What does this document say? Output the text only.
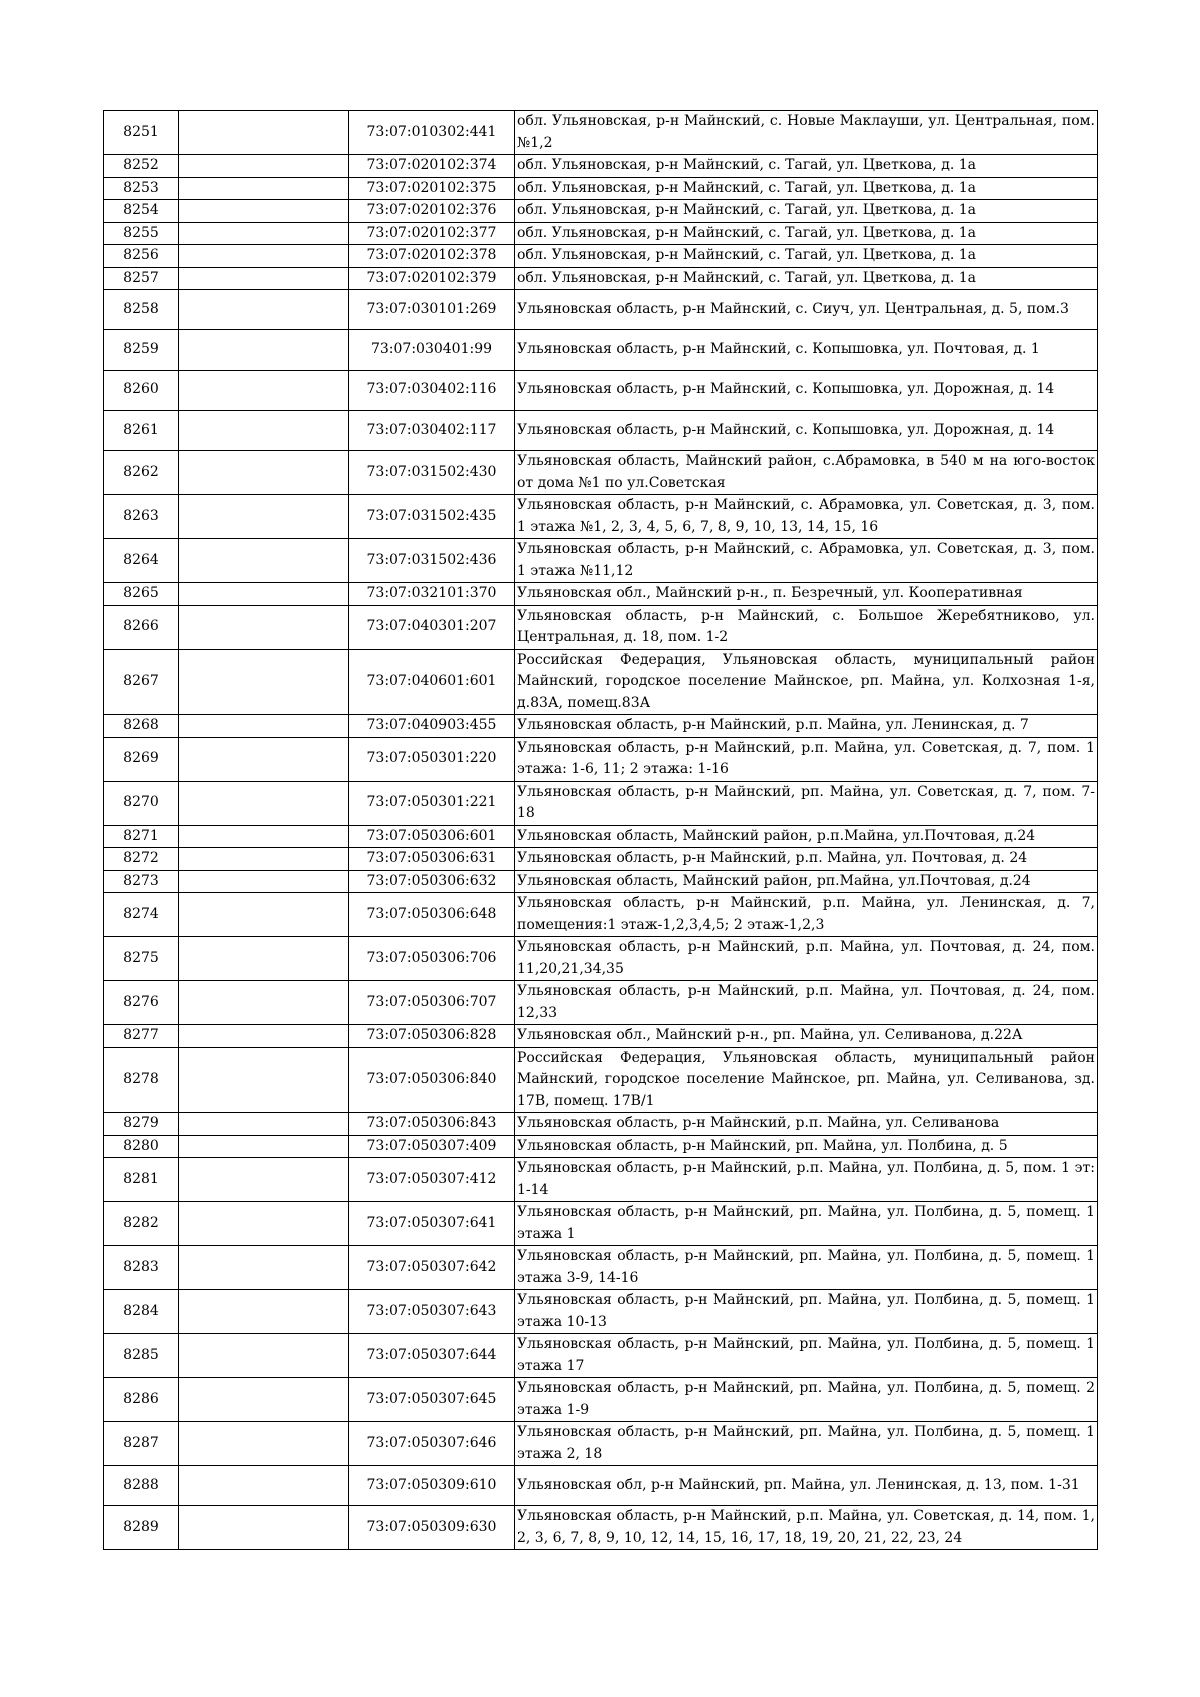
8251		73:07:010302:441	обл. Ульяновская, р-н Майнский, с. Новые Маклауши, ул. Центральная, пом.№1,2
8252		73:07:020102:374	обл. Ульяновская, р-н Майнский, с. Тагай, ул. Цветкова, д. 1а
8253		73:07:020102:375	обл. Ульяновская, р-н Майнский, с. Тагай, ул. Цветкова, д. 1а
8254		73:07:020102:376	обл. Ульяновская, р-н Майнский, с. Тагай, ул. Цветкова, д. 1а
8255		73:07:020102:377	обл. Ульяновская, р-н Майнский, с. Тагай, ул. Цветкова, д. 1а
8256		73:07:020102:378	обл. Ульяновская, р-н Майнский, с. Тагай, ул. Цветкова, д. 1а
8257		73:07:020102:379	обл. Ульяновская, р-н Майнский, с. Тагай, ул. Цветкова, д. 1а
8258		73:07:030101:269	Ульяновская область, р-н Майнский, с. Сиуч, ул. Центральная, д. 5, пом.3
8259		73:07:030401:99	Ульяновская область, р-н Майнский, с. Копышовка, ул. Почтовая, д. 1
8260		73:07:030402:116	Ульяновская область, р-н Майнский, с. Копышовка, ул. Дорожная, д. 14
8261		73:07:030402:117	Ульяновская область, р-н Майнский, с. Копышовка, ул. Дорожная, д. 14
8262		73:07:031502:430	Ульяновская область, Майнский район, с.Абрамовка, в 540 м на юго-восток от дома №1 по ул.Советская
8263		73:07:031502:435	Ульяновская область, р-н Майнский, с. Абрамовка, ул. Советская, д. 3, пом. 1 этажа №1, 2, 3, 4, 5, 6, 7, 8, 9, 10, 13, 14, 15, 16
8264		73:07:031502:436	Ульяновская область, р-н Майнский, с. Абрамовка, ул. Советская, д. 3, пом. 1 этажа №11,12
8265		73:07:032101:370	Ульяновская обл., Майнский р-н., п. Безречный, ул. Кооперативная
8266		73:07:040301:207	Ульяновская область, р-н Майнский, с. Большое Жеребятниково, ул. Центральная, д. 18, пом. 1-2
8267		73:07:040601:601	Российская Федерация, Ульяновская область, муниципальный район Майнский, городское поселение Майнское, рп. Майна, ул. Колхозная 1-я, д.83А, помещ.83А
8268		73:07:040903:455	Ульяновская область, р-н Майнский, р.п. Майна, ул. Ленинская, д. 7
8269		73:07:050301:220	Ульяновская область, р-н Майнский, р.п. Майна, ул. Советская, д. 7, пом. 1 этажа: 1-6, 11; 2 этажа: 1-16
8270		73:07:050301:221	Ульяновская область, р-н Майнский, рп. Майна, ул. Советская, д. 7, пом. 7-18
8271		73:07:050306:601	Ульяновская область, Майнский район, р.п.Майна, ул.Почтовая, д.24
8272		73:07:050306:631	Ульяновская область, р-н Майнский, р.п. Майна, ул. Почтовая, д. 24
8273		73:07:050306:632	Ульяновская область, Майнский район, рп.Майна, ул.Почтовая, д.24
8274		73:07:050306:648	Ульяновская область, р-н Майнский, р.п. Майна, ул. Ленинская, д. 7, помещения:1 этаж-1,2,3,4,5; 2 этаж-1,2,3
8275		73:07:050306:706	Ульяновская область, р-н Майнский, р.п. Майна, ул. Почтовая, д. 24, пом. 11,20,21,34,35
8276		73:07:050306:707	Ульяновская область, р-н Майнский, р.п. Майна, ул. Почтовая, д. 24, пом. 12,33
8277		73:07:050306:828	Ульяновская обл., Майнский р-н., рп. Майна, ул. Селиванова, д.22А
8278		73:07:050306:840	Российская Федерация, Ульяновская область, муниципальный район Майнский, городское поселение Майнское, рп. Майна, ул. Селиванова, зд. 17В, помещ. 17В/1
8279		73:07:050306:843	Ульяновская область, р-н Майнский, р.п. Майна, ул. Селиванова
8280		73:07:050307:409	Ульяновская область, р-н Майнский, рп. Майна, ул. Полбина, д. 5
8281		73:07:050307:412	Ульяновская область, р-н Майнский, р.п. Майна, ул. Полбина, д. 5, пом. 1 эт: 1-14
8282		73:07:050307:641	Ульяновская область, р-н Майнский, рп. Майна, ул. Полбина, д. 5, помещ. 1 этажа 1
8283		73:07:050307:642	Ульяновская область, р-н Майнский, рп. Майна, ул. Полбина, д. 5, помещ. 1 этажа 3-9, 14-16
8284		73:07:050307:643	Ульяновская область, р-н Майнский, рп. Майна, ул. Полбина, д. 5, помещ. 1 этажа 10-13
8285		73:07:050307:644	Ульяновская область, р-н Майнский, рп. Майна, ул. Полбина, д. 5, помещ. 1 этажа 17
8286		73:07:050307:645	Ульяновская область, р-н Майнский, рп. Майна, ул. Полбина, д. 5, помещ. 2 этажа 1-9
8287		73:07:050307:646	Ульяновская область, р-н Майнский, рп. Майна, ул. Полбина, д. 5, помещ. 1 этажа 2, 18
8288		73:07:050309:610	Ульяновская обл, р-н Майнский, рп. Майна, ул. Ленинская, д. 13, пом. 1-31
8289		73:07:050309:630	Ульяновская область, р-н Майнский, р.п. Майна, ул. Советская, д. 14, пом. 1, 2, 3, 6, 7, 8, 9, 10, 12, 14, 15, 16, 17, 18, 19, 20, 21, 22, 23, 24
